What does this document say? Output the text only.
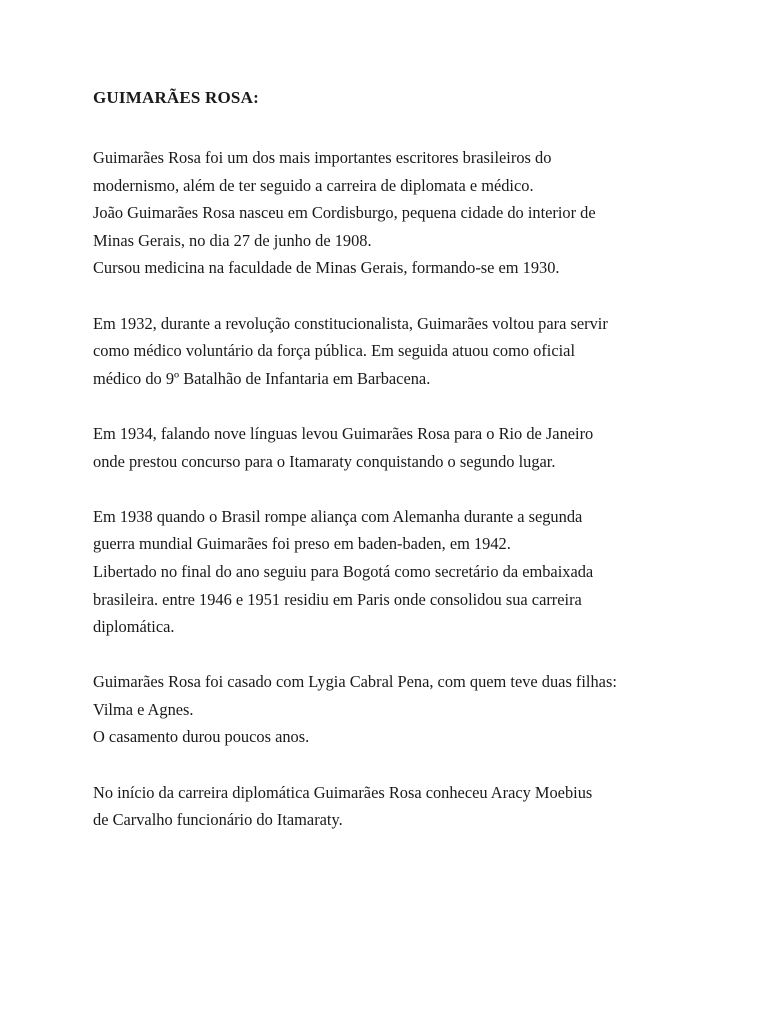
GUIMARÃES ROSA:

Guimarães Rosa foi um dos mais importantes escritores brasileiros do
modernismo, além de ter seguido a carreira de diplomata e médico.
João Guimarães Rosa nasceu em Cordisburgo, pequena cidade do interior de
Minas Gerais, no dia 27 de junho de 1908.
Cursou medicina na faculdade de Minas Gerais, formando-se em 1930.

Em 1932, durante a revolução constitucionalista, Guimarães voltou para servir
como médico voluntário da força pública. Em seguida atuou como oficial
médico do 9º Batalhão de Infantaria em Barbacena.

Em 1934, falando nove línguas levou Guimarães Rosa para o Rio de Janeiro
onde prestou concurso para o Itamaraty conquistando o segundo lugar.

Em 1938 quando o Brasil rompe aliança com Alemanha durante a segunda
guerra mundial Guimarães foi preso em baden-baden, em 1942.
Libertado no final do ano seguiu para Bogotá como secretário da embaixada
brasileira. entre 1946 e 1951 residiu em Paris onde consolidou sua carreira
diplomática.

Guimarães Rosa foi casado com Lygia Cabral Pena, com quem teve duas filhas:
Vilma e Agnes.
O casamento durou poucos anos.

No início da carreira diplomática Guimarães Rosa conheceu Aracy Moebius
de Carvalho funcionário do Itamaraty.
